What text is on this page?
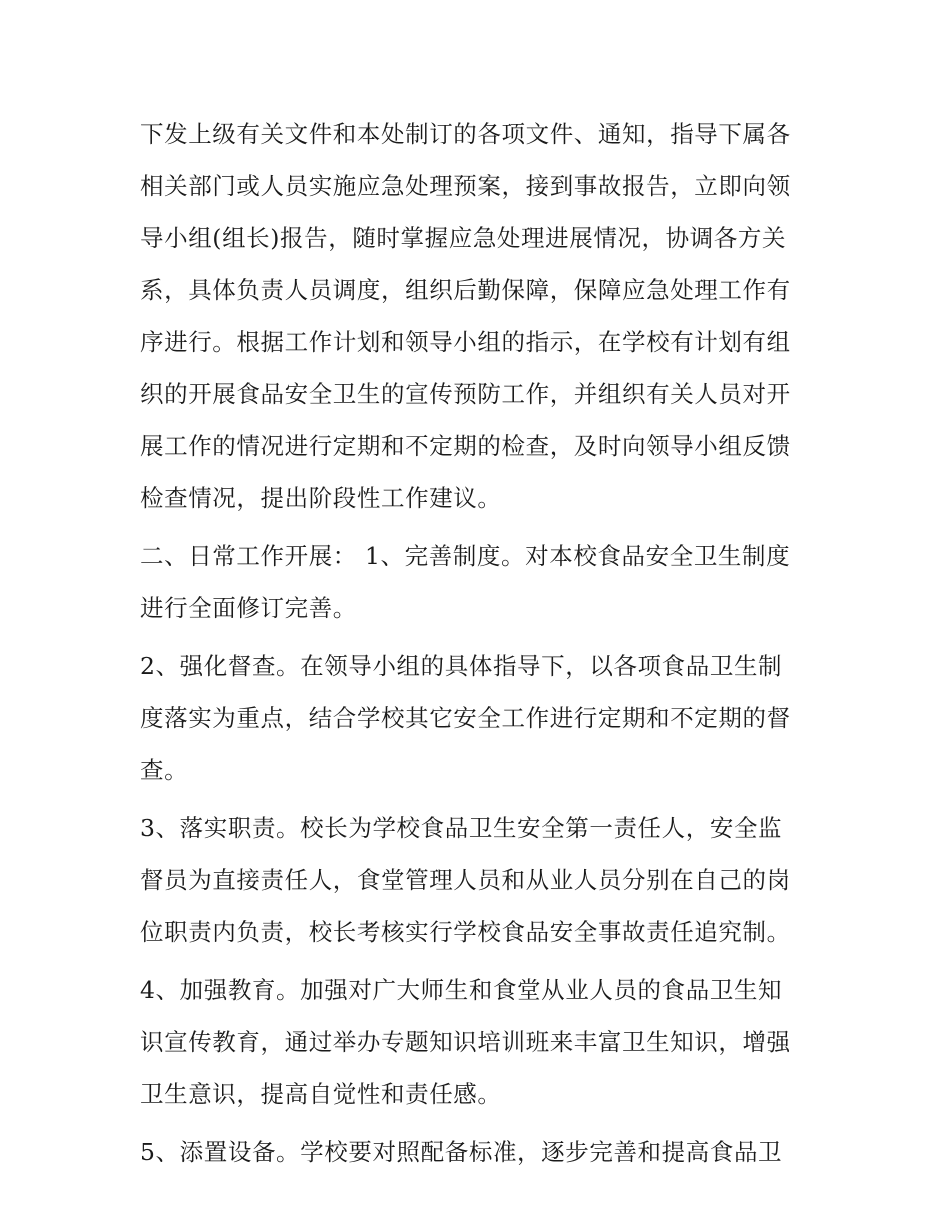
下发上级有关文件和本处制订的各项文件、通知，指导下属各
相关部门或人员实施应急处理预案，接到事故报告，立即向领
导小组(组长)报告，随时掌握应急处理进展情况，协调各方关
系，具体负责人员调度，组织后勤保障，保障应急处理工作有
序进行。根据工作计划和领导小组的指示，在学校有计划有组
织的开展食品安全卫生的宣传预防工作，并组织有关人员对开
展工作的情况进行定期和不定期的检查，及时向领导小组反馈
检查情况，提出阶段性工作建议。
二、日常工作开展： 1、完善制度。对本校食品安全卫生制度
进行全面修订完善。
2、强化督查。在领导小组的具体指导下，以各项食品卫生制
度落实为重点，结合学校其它安全工作进行定期和不定期的督
查。
3、落实职责。校长为学校食品卫生安全第一责任人，安全监
督员为直接责任人，食堂管理人员和从业人员分别在自己的岗
位职责内负责，校长考核实行学校食品安全事故责任追究制。
4、加强教育。加强对广大师生和食堂从业人员的食品卫生知
识宣传教育，通过举办专题知识培训班来丰富卫生知识，增强
卫生意识，提高自觉性和责任感。
5、添置设备。学校要对照配备标准，逐步完善和提高食品卫
